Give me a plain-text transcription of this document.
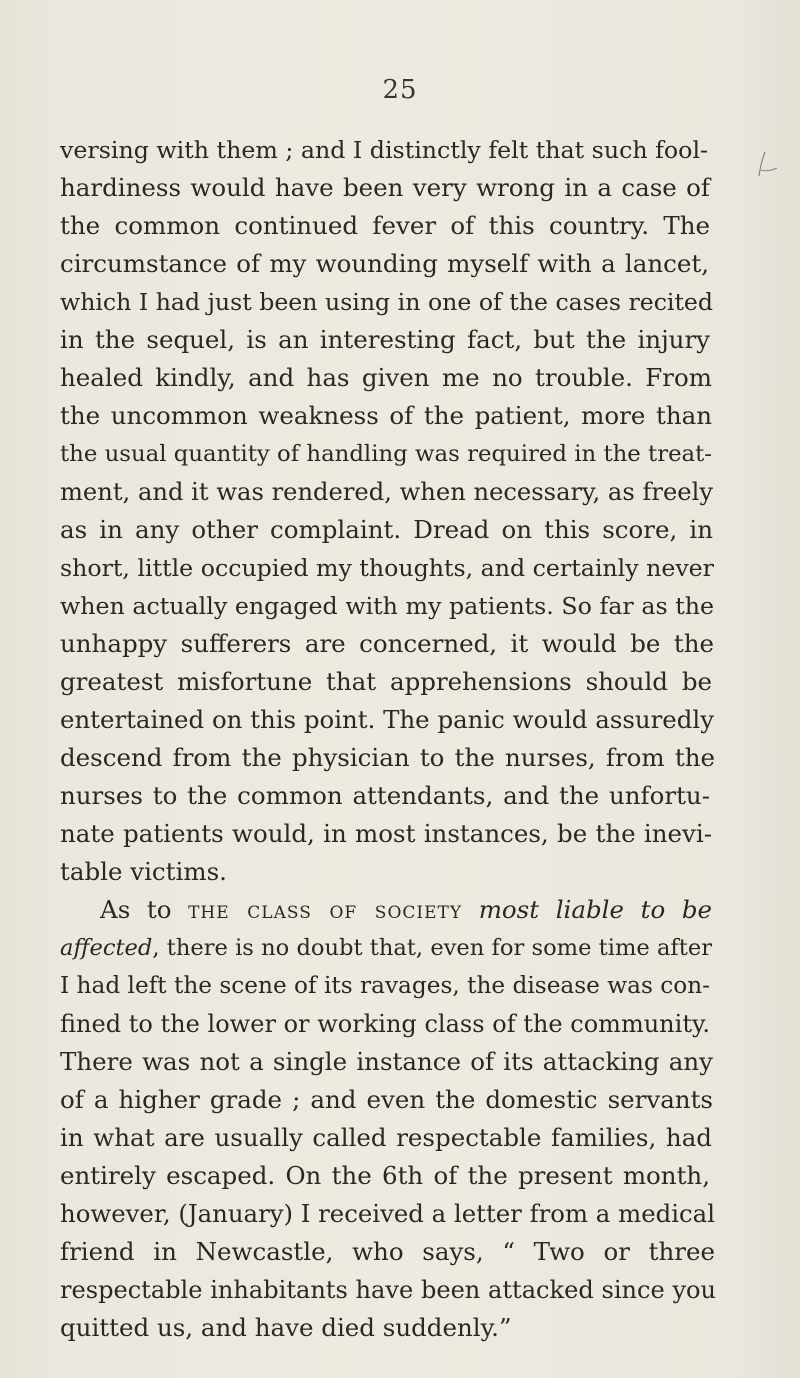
25

versing with them ; and I distinctly felt that such fool-

hardiness would have been very wrong in a case of

the common continued fever of this country. The

circumstance of my wounding myself with a lancet,

which I had just been using in one of the cases recited

in the sequel, is an interesting fact, but the injury

healed kindly, and has given me no trouble. From

the uncommon weakness of the patient, more than

the usual quantity of handling was required in the treat-

ment, and it was rendered, when necessary, as freely

as in any other complaint. Dread on this score, in

short, little occupied my thoughts, and certainly never

when actually engaged with my patients. So far as the

unhappy sufferers are concerned, it would be the

greatest misfortune that apprehensions should be

entertained on this point. The panic would assuredly

descend from the physician to the nurses, from the

nurses to the common attendants, and the unfortu-

nate patients would, in most instances, be the inevi-

table victims.

As to the class of society most liable to be

affected, there is no doubt that, even for some time after

I had left the scene of its ravages, the disease was con-

fined to the lower or working class of the community.

There was not a single instance of its attacking any

of a higher grade ; and even the domestic servants

in what are usually called respectable families, had

entirely escaped. On the 6th of the present month,

however, (January) I received a letter from a medical

friend in Newcastle, who says, “ Two or three

respectable inhabitants have been attacked since you

quitted us, and have died suddenly.”
